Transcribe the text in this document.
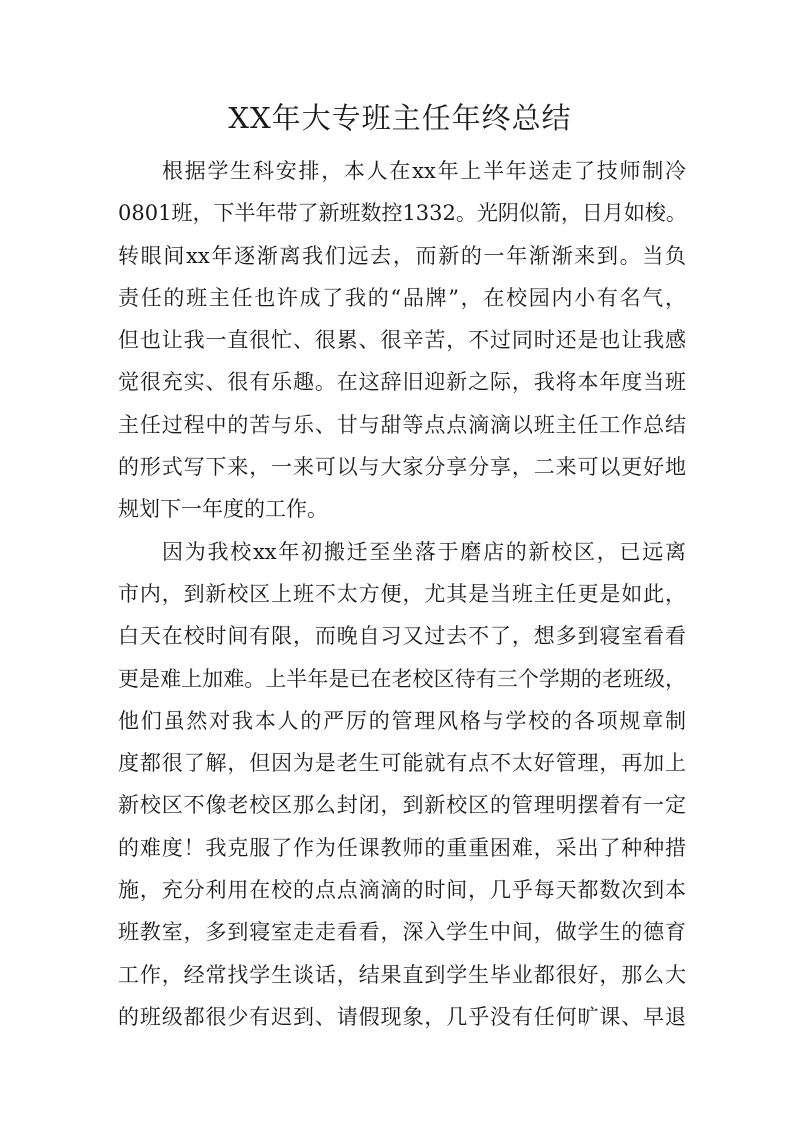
XX年大专班主任年终总结
根据学生科安排，本人在xx年上半年送走了技师制冷
0801班，下半年带了新班数控1332。光阴似箭，日月如梭。
转眼间xx年逐渐离我们远去，而新的一年渐渐来到。当负
责任的班主任也许成了我的“品牌”，在校园内小有名气，
但也让我一直很忙、很累、很辛苦，不过同时还是也让我感
觉很充实、很有乐趣。在这辞旧迎新之际，我将本年度当班
主任过程中的苦与乐、甘与甜等点点滴滴以班主任工作总结
的形式写下来，一来可以与大家分享分享，二来可以更好地
规划下一年度的工作。
因为我校xx年初搬迁至坐落于磨店的新校区，已远离
市内，到新校区上班不太方便，尤其是当班主任更是如此，
白天在校时间有限，而晚自习又过去不了，想多到寝室看看
更是难上加难。上半年是已在老校区待有三个学期的老班级，
他们虽然对我本人的严厉的管理风格与学校的各项规章制
度都很了解，但因为是老生可能就有点不太好管理，再加上
新校区不像老校区那么封闭，到新校区的管理明摆着有一定
的难度！我克服了作为任课教师的重重困难，采出了种种措
施，充分利用在校的点点滴滴的时间，几乎每天都数次到本
班教室，多到寝室走走看看，深入学生中间，做学生的德育
工作，经常找学生谈话，结果直到学生毕业都很好，那么大
的班级都很少有迟到、请假现象，几乎没有任何旷课、早退
